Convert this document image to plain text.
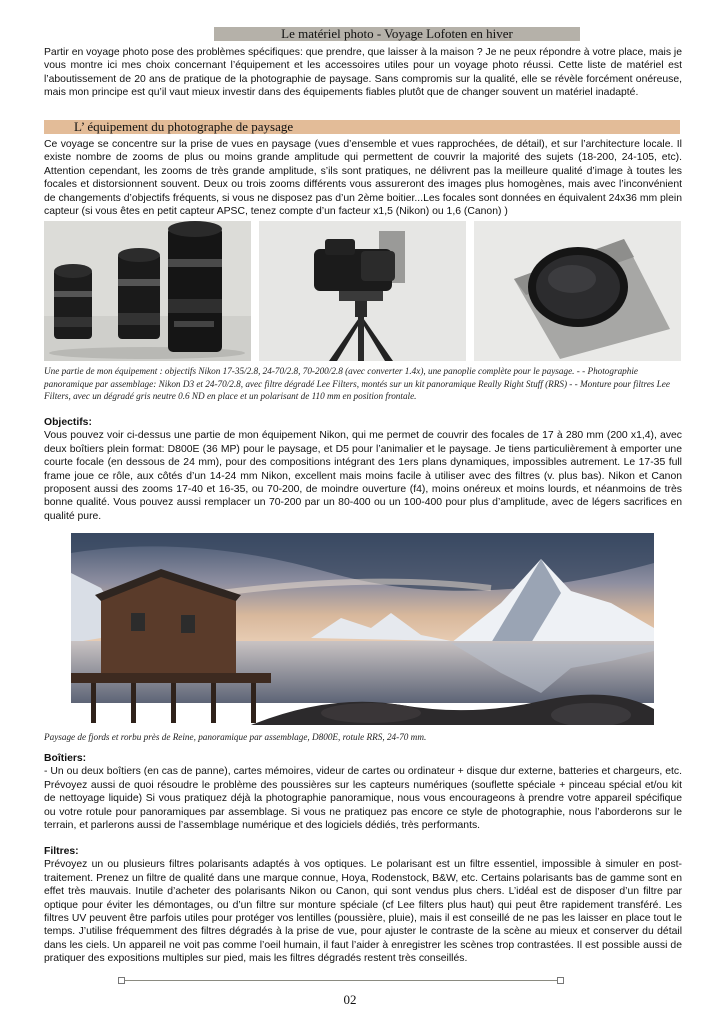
Le matériel photo - Voyage Lofoten en hiver

Partir en voyage photo pose des problèmes spécifiques: que prendre, que laisser à la maison ? Je ne peux répondre à votre place, mais je vous montre ici mes choix concernant l’équipement et les accessoires utiles pour un voyage photo réussi. Cette liste de matériel est l’aboutissement de 20 ans de pratique de la photographie de paysage. Sans compromis sur la qualité, elle se révèle forcément onéreuse, mais mon principe est qu’il vaut mieux investir dans des équipements fiables plutôt que de changer souvent un matériel inadapté.

L’ équipement du photographe de paysage

Ce voyage se concentre sur la prise de vues en paysage (vues d’ensemble et vues rapprochées, de détail), et sur l’architecture locale. Il existe nombre de zooms de plus ou moins grande amplitude qui permettent de couvrir la majorité des sujets (18-200, 24-105, etc). Attention cependant, les zooms de très grande amplitude, s’ils sont pratiques, ne délivrent pas la meilleure qualité d’image à toutes les focales et distorsionnent souvent. Deux ou trois zooms différents vous assureront des images plus homogènes, mais avec l’inconvénient de changements d’objectifs fréquents, si vous ne disposez pas d’un 2ème boitier...Les focales sont données en équivalent 24x36 mm plein capteur (si vous êtes en petit capteur APSC, tenez compte d’un facteur x1,5 (Nikon) ou 1,6 (Canon) )

Une partie de mon équipement : objectifs Nikon 17-35/2.8, 24-70/2.8, 70-200/2.8 (avec converter 1.4x), une panoplie complète pour le paysage. - - Photographie panoramique par assemblage: Nikon D3 et 24-70/2.8, avec filtre dégradé Lee Filters, montés sur un kit panoramique Really Right Stuff (RRS) - - Monture pour filtres Lee Filters, avec un dégradé gris neutre 0.6 ND en place et un polarisant de 110 mm en position frontale.

Objectifs:
Vous pouvez voir ci-dessus une partie de mon équipement Nikon, qui me permet de couvrir des focales de 17 à 280 mm (200 x1,4), avec deux boîtiers plein format: D800E (36 MP) pour le paysage, et D5 pour l’animalier et le paysage. Je tiens particulièrement à emporter une courte focale (en dessous de 24 mm), pour des compositions intégrant des 1ers plans dynamiques, impossibles autrement. Le 17-35 full frame joue ce rôle, aux côtés d’un 14-24 mm Nikon, excellent mais moins facile à utiliser avec des filtres (v. plus bas). Nikon et Canon proposent aussi des zooms 17-40 et 16-35, ou 70-200, de moindre ouverture (f4), moins onéreux et moins lourds, et néanmoins de très bonne qualité. Vous pouvez aussi remplacer un 70-200 par un 80-400 ou un 100-400 pour plus d’amplitude, avec de légers sacrifices en qualité pure.

Paysage de fjords et rorbu près de Reine, panoramique par assemblage, D800E, rotule RRS, 24-70 mm.

Boîtiers:
- Un ou deux boîtiers (en cas de panne), cartes mémoires, videur de cartes ou ordinateur + disque dur externe, batteries et chargeurs, etc. Prévoyez aussi de quoi résoudre le problème des poussières sur les capteurs numériques (souflette spéciale + pinceau spécial et/ou kit de nettoyage liquide) Si vous pratiquez déjà la photographie panoramique, nous vous encourageons à prendre votre appareil spécifique ou votre rotule pour panoramiques par assemblage. Si vous ne pratiquez pas encore ce style de photographie, nous l’aborderons sur le terrain, et parlerons aussi de l’assemblage numérique et des logiciels dédiés, très performants.

Filtres:
Prévoyez un ou plusieurs filtres polarisants adaptés à vos optiques. Le polarisant est un filtre essentiel, impossible à simuler en post-traitement. Prenez un filtre de qualité dans une marque connue, Hoya, Rodenstock, B&W, etc. Certains polarisants bas de gamme sont en effet très mauvais. Inutile d’acheter des polarisants Nikon ou Canon, qui sont vendus plus chers. L’idéal est de disposer d’un filtre par optique pour éviter les démontages, ou d’un filtre sur monture spéciale (cf Lee filters plus haut) qui peut être rapidement transféré. Les filtres UV peuvent être parfois utiles pour protéger vos lentilles (poussière, pluie), mais il est conseillé de ne pas les laisser en place tout le temps. J’utilise fréquemment des filtres dégradés à la prise de vue, pour ajuster le contraste de la scène au mieux et conserver du détail dans les ciels. Un appareil ne voit pas comme l’oeil humain, il faut l’aider à enregistrer les scènes trop contrastées. Il est possible aussi de pratiquer des expositions multiples sur pied, mais les filtres dégradés restent très conseillés.

02
